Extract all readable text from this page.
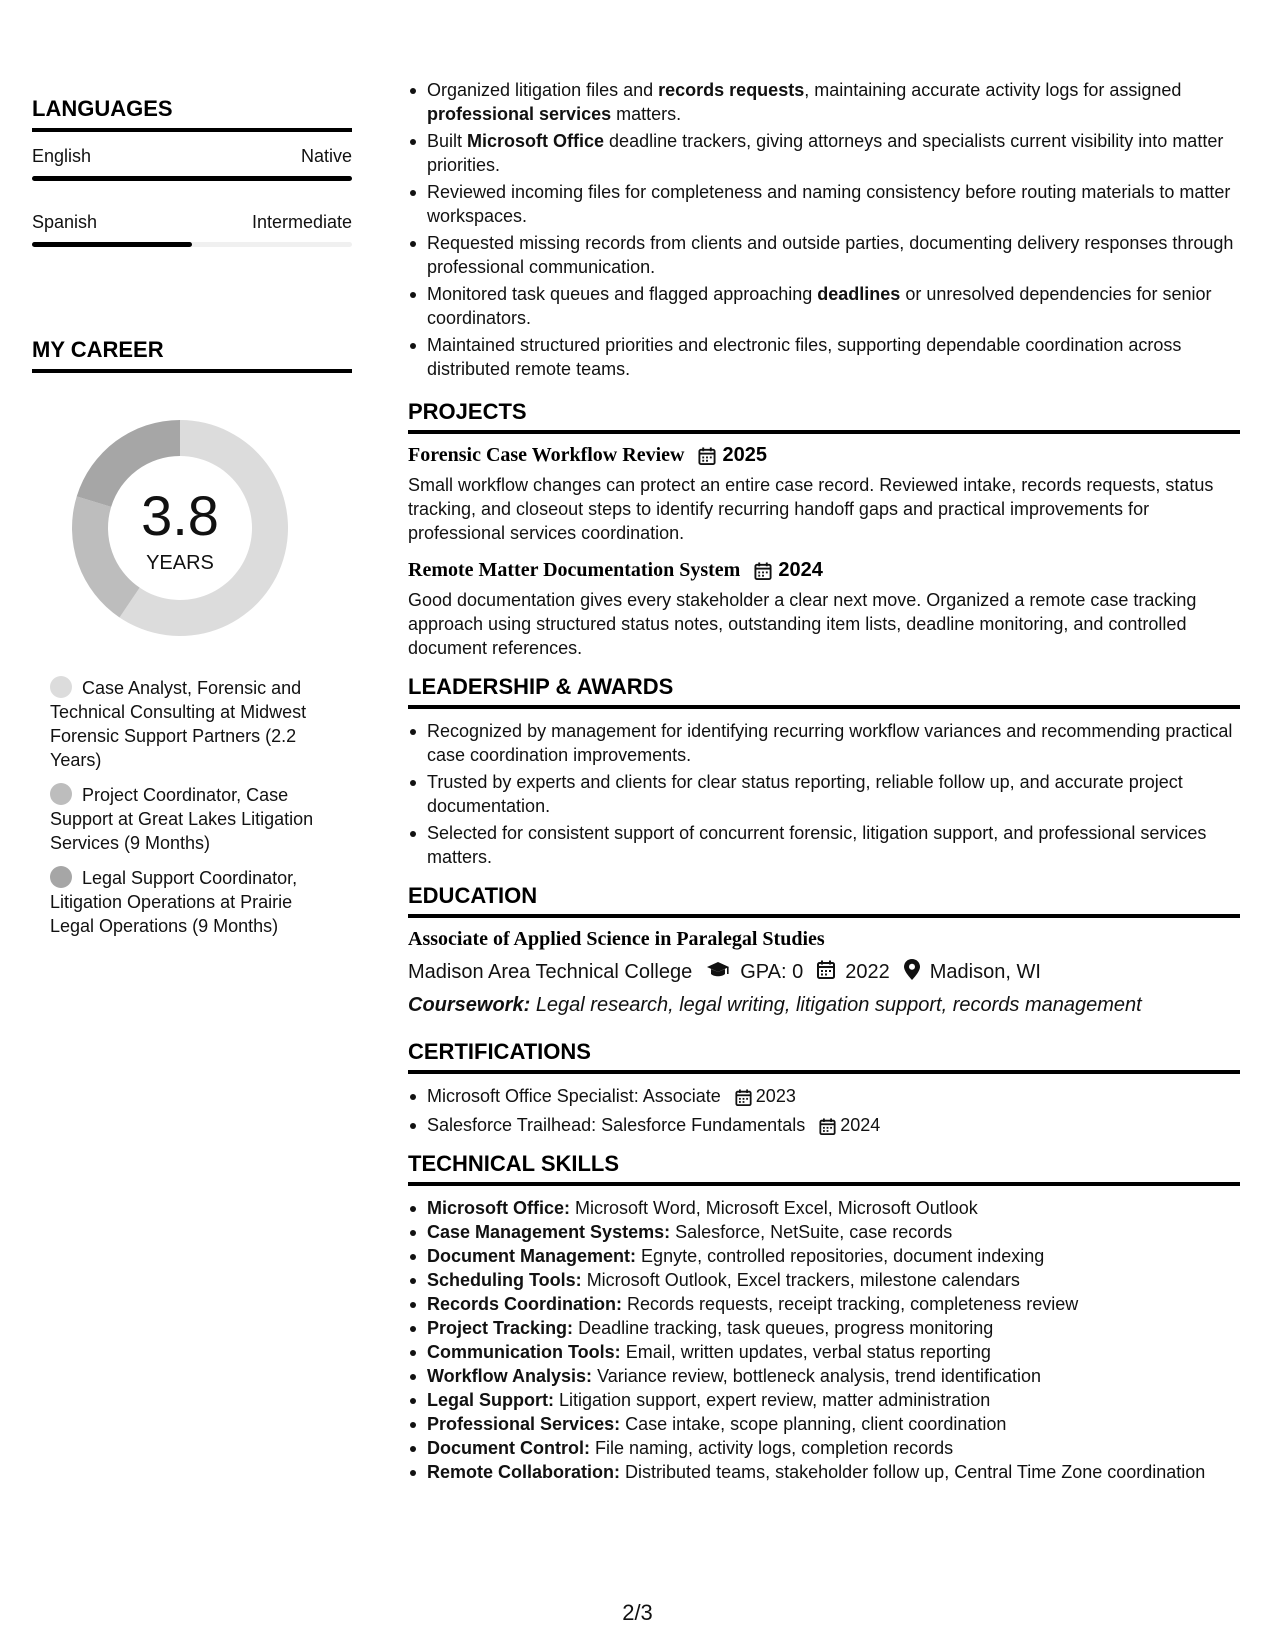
LANGUAGES
English	Native
Spanish	Intermediate
MY CAREER
3.8
YEARS
Case Analyst, Forensic and Technical Consulting at Midwest Forensic Support Partners (2.2 Years)
Project Coordinator, Case Support at Great Lakes Litigation Services (9 Months)
Legal Support Coordinator, Litigation Operations at Prairie Legal Operations (9 Months)
Organized litigation files and records requests, maintaining accurate activity logs for assigned professional services matters.
Built Microsoft Office deadline trackers, giving attorneys and specialists current visibility into matter priorities.
Reviewed incoming files for completeness and naming consistency before routing materials to matter workspaces.
Requested missing records from clients and outside parties, documenting delivery responses through professional communication.
Monitored task queues and flagged approaching deadlines or unresolved dependencies for senior coordinators.
Maintained structured priorities and electronic files, supporting dependable coordination across distributed remote teams.
PROJECTS
Forensic Case Workflow Review 2025
Small workflow changes can protect an entire case record. Reviewed intake, records requests, status tracking, and closeout steps to identify recurring handoff gaps and practical improvements for professional services coordination.
Remote Matter Documentation System 2024
Good documentation gives every stakeholder a clear next move. Organized a remote case tracking approach using structured status notes, outstanding item lists, deadline monitoring, and controlled document references.
LEADERSHIP & AWARDS
Recognized by management for identifying recurring workflow variances and recommending practical case coordination improvements.
Trusted by experts and clients for clear status reporting, reliable follow up, and accurate project documentation.
Selected for consistent support of concurrent forensic, litigation support, and professional services matters.
EDUCATION
Associate of Applied Science in Paralegal Studies
Madison Area Technical College GPA: 0 2022 Madison, WI
Coursework: Legal research, legal writing, litigation support, records management
CERTIFICATIONS
Microsoft Office Specialist: Associate 2023
Salesforce Trailhead: Salesforce Fundamentals 2024
TECHNICAL SKILLS
Microsoft Office: Microsoft Word, Microsoft Excel, Microsoft Outlook
Case Management Systems: Salesforce, NetSuite, case records
Document Management: Egnyte, controlled repositories, document indexing
Scheduling Tools: Microsoft Outlook, Excel trackers, milestone calendars
Records Coordination: Records requests, receipt tracking, completeness review
Project Tracking: Deadline tracking, task queues, progress monitoring
Communication Tools: Email, written updates, verbal status reporting
Workflow Analysis: Variance review, bottleneck analysis, trend identification
Legal Support: Litigation support, expert review, matter administration
Professional Services: Case intake, scope planning, client coordination
Document Control: File naming, activity logs, completion records
Remote Collaboration: Distributed teams, stakeholder follow up, Central Time Zone coordination
2/3
